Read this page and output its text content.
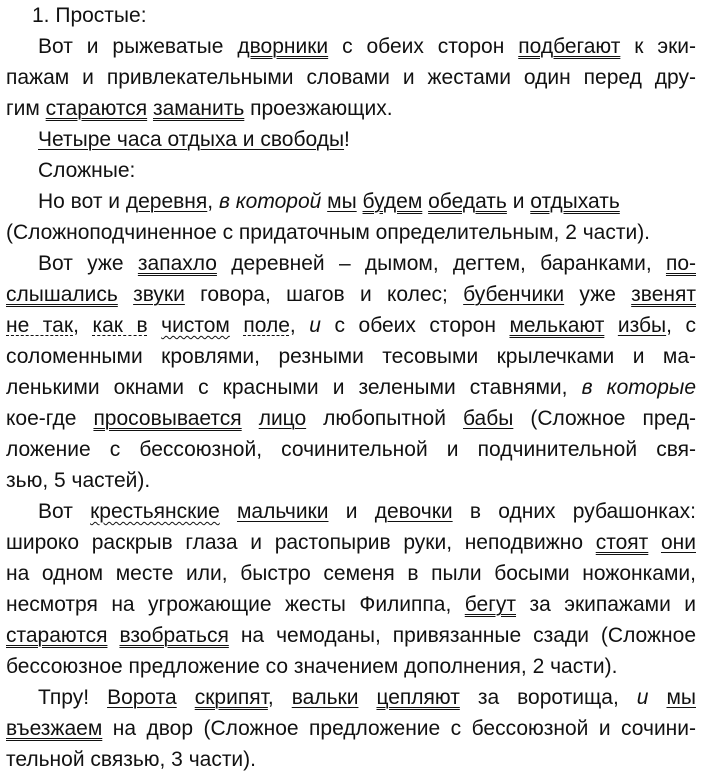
1. Простые:
Вот и рыжеватые дворники с обеих сторон подбегают к эки-
пажам и привлекательными словами и жестами один перед дру-
гим стараются заманить проезжающих.
Четыре часа отдыха и свободы!
Сложные:
Но вот и деревня, в которой мы будем обедать и отдыхать
(Сложноподчиненное с придаточным определительным, 2 части).
Вот уже запахло деревней – дымом, дегтем, баранками, по-
слышались звуки говора, шагов и колес; бубенчики уже звенят
не так, как в чистом поле, и с обеих сторон мелькают избы, с
соломенными кровлями, резными тесовыми крылечками и ма-
ленькими окнами с красными и зелеными ставнями, в которые
кое-где просовывается лицо любопытной бабы (Сложное пред-
ложение с бессоюзной, сочинительной и подчинительной свя-
зью, 5 частей).
Вот крестьянские мальчики и девочки в одних рубашонках:
широко раскрыв глаза и растопырив руки, неподвижно стоят они
на одном месте или, быстро семеня в пыли босыми ножонками,
несмотря на угрожающие жесты Филиппа, бегут за экипажами и
стараются взобраться на чемоданы, привязанные сзади (Сложное
бессоюзное предложение со значением дополнения, 2 части).
Тпру! Ворота скрипят, вальки цепляют за воротища, и мы
въезжаем на двор (Сложное предложение с бессоюзной и сочини-
тельной связью, 3 части).
